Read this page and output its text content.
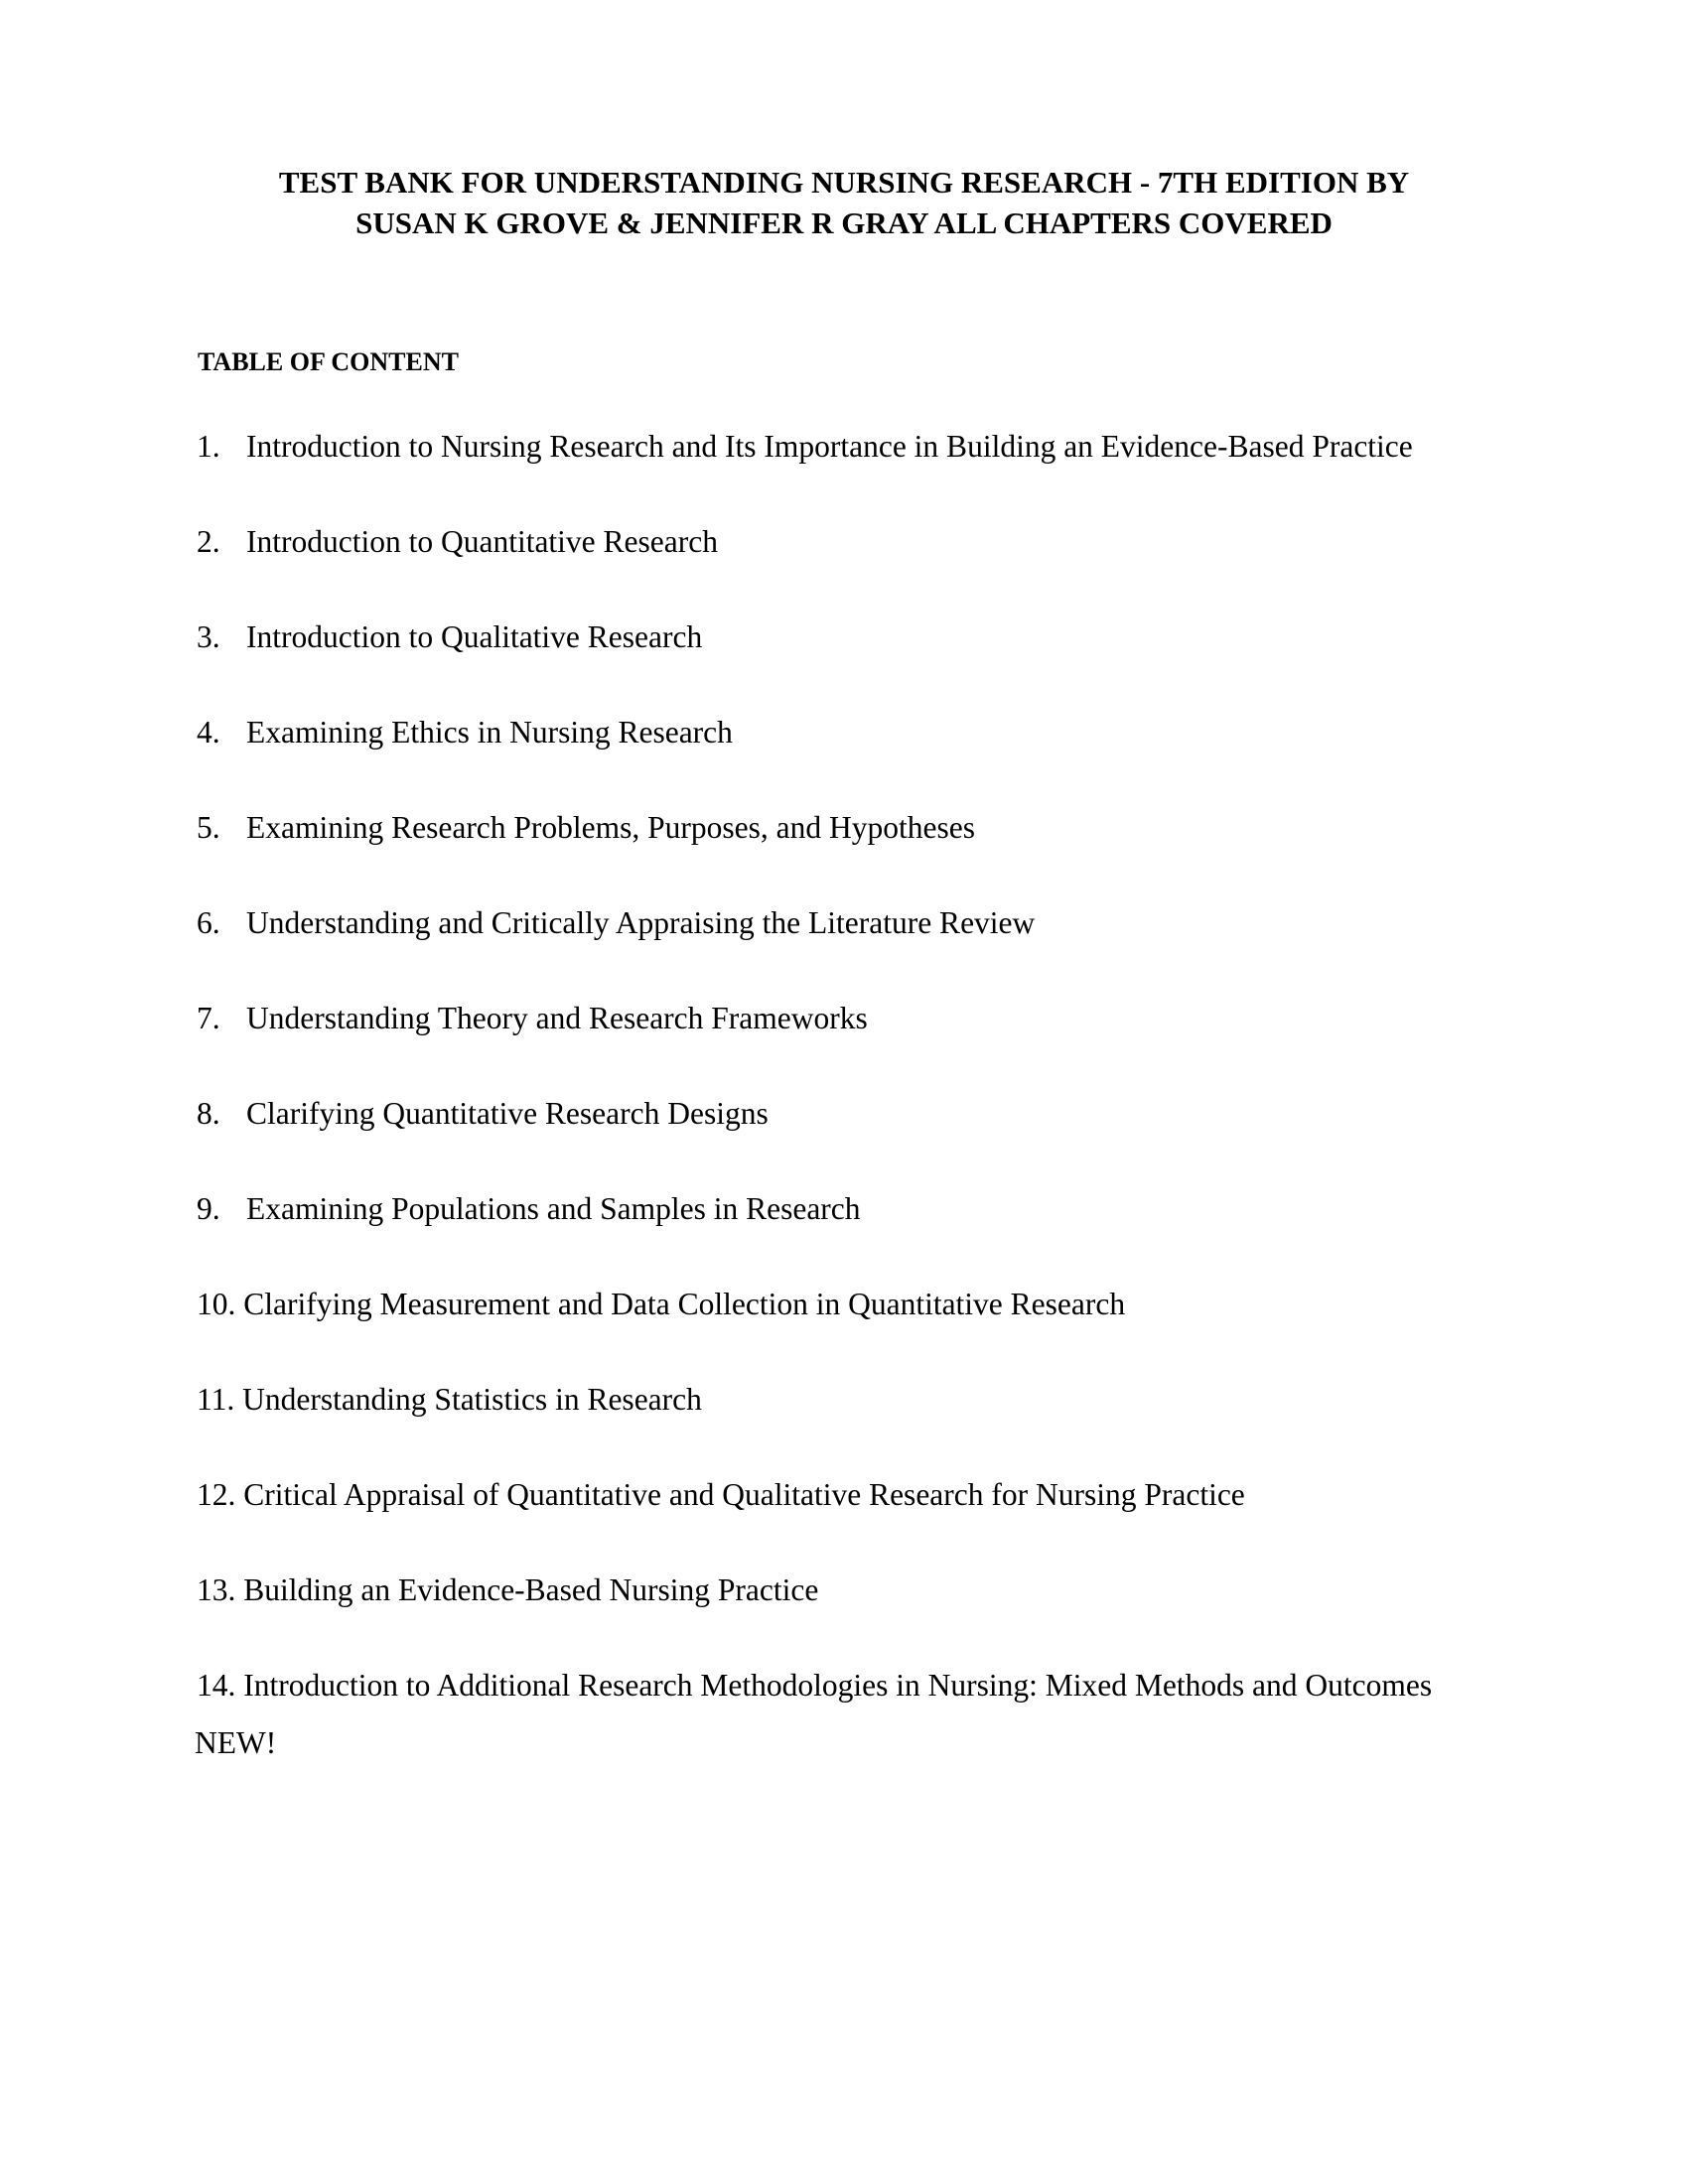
TEST BANK FOR UNDERSTANDING NURSING RESEARCH - 7TH EDITION BY
SUSAN K GROVE & JENNIFER R GRAY ALL CHAPTERS COVERED
TABLE OF CONTENT
1. Introduction to Nursing Research and Its Importance in Building an Evidence-Based Practice
2. Introduction to Quantitative Research
3. Introduction to Qualitative Research
4. Examining Ethics in Nursing Research
5. Examining Research Problems, Purposes, and Hypotheses
6. Understanding and Critically Appraising the Literature Review
7. Understanding Theory and Research Frameworks
8. Clarifying Quantitative Research Designs
9. Examining Populations and Samples in Research
10. Clarifying Measurement and Data Collection in Quantitative Research
11. Understanding Statistics in Research
12. Critical Appraisal of Quantitative and Qualitative Research for Nursing Practice
13. Building an Evidence-Based Nursing Practice
14. Introduction to Additional Research Methodologies in Nursing: Mixed Methods and Outcomes
NEW!
